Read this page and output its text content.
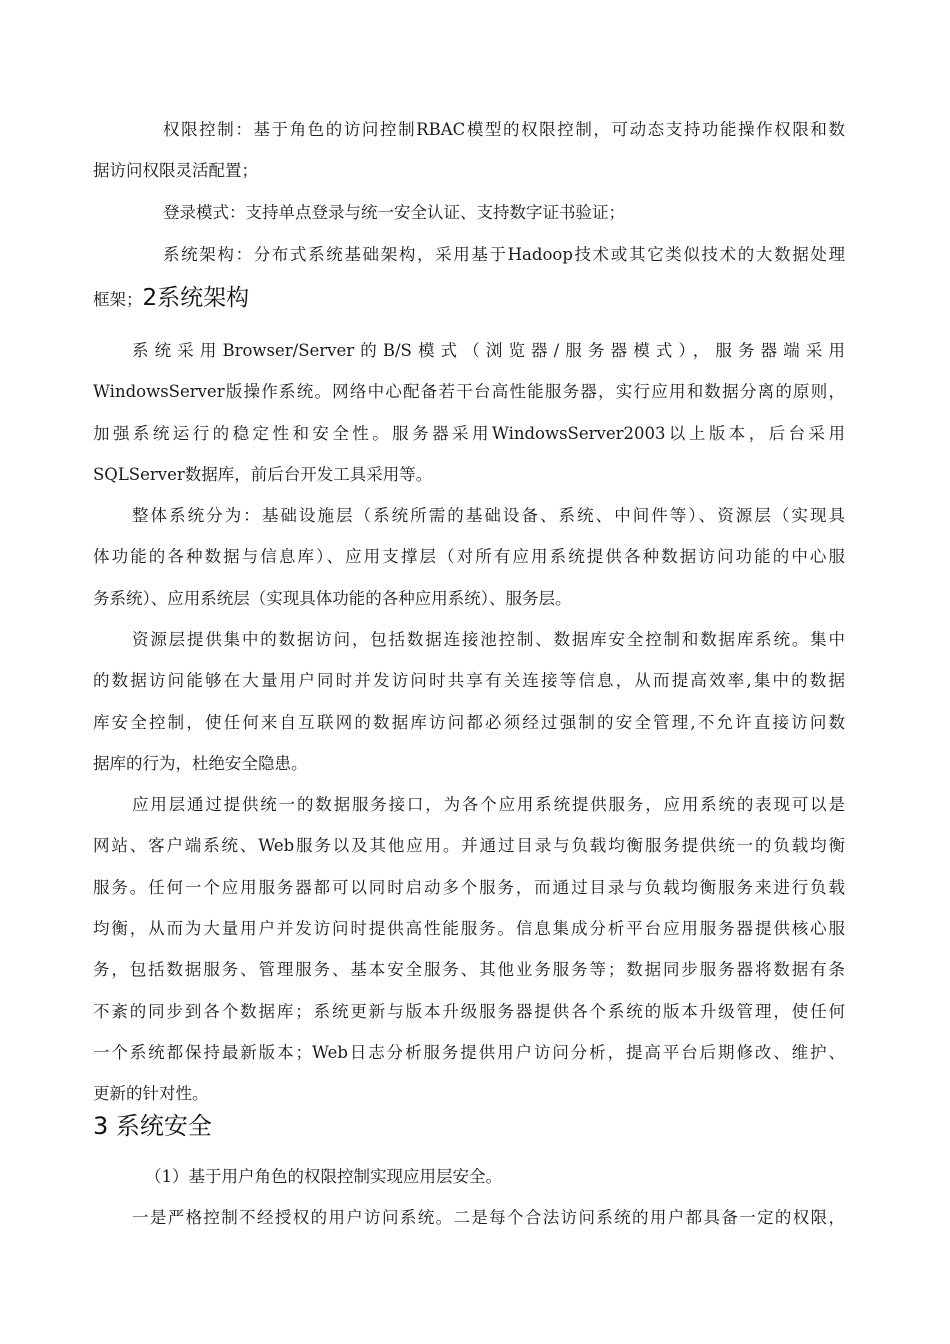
权限控制：基于角色的访问控制RBAC模型的权限控制，可动态支持功能操作权限和数
据访问权限灵活配置；
登录模式：支持单点登录与统一安全认证、支持数字证书验证；
系统架构：分布式系统基础架构，采用基于Hadoop技术或其它类似技术的大数据处理
框架；2系统架构
系统采用Browser/Server的B/S模式（浏览器/服务器模式），服务器端采用
WindowsServer版操作系统。网络中心配备若干台高性能服务器，实行应用和数据分离的原则，
加强系统运行的稳定性和安全性。服务器采用WindowsServer2003以上版本，后台采用
SQLServer数据库，前后台开发工具采用等。
整体系统分为：基础设施层（系统所需的基础设备、系统、中间件等）、资源层（实现具
体功能的各种数据与信息库）、应用支撑层（对所有应用系统提供各种数据访问功能的中心服
务系统）、应用系统层（实现具体功能的各种应用系统）、服务层。
资源层提供集中的数据访问，包括数据连接池控制、数据库安全控制和数据库系统。集中
的数据访问能够在大量用户同时并发访问时共享有关连接等信息，从而提高效率,集中的数据
库安全控制，使任何来自互联网的数据库访问都必须经过强制的安全管理,不允许直接访问数
据库的行为，杜绝安全隐患。
应用层通过提供统一的数据服务接口，为各个应用系统提供服务，应用系统的表现可以是
网站、客户端系统、Web服务以及其他应用。并通过目录与负载均衡服务提供统一的负载均衡
服务。任何一个应用服务器都可以同时启动多个服务，而通过目录与负载均衡服务来进行负载
均衡，从而为大量用户并发访问时提供高性能服务。信息集成分析平台应用服务器提供核心服
务，包括数据服务、管理服务、基本安全服务、其他业务服务等；数据同步服务器将数据有条
不紊的同步到各个数据库；系统更新与版本升级服务器提供各个系统的版本升级管理，使任何
一个系统都保持最新版本；Web日志分析服务提供用户访问分析，提高平台后期修改、维护、
更新的针对性。
3 系统安全
（1）基于用户角色的权限控制实现应用层安全。
一是严格控制不经授权的用户访问系统。二是每个合法访问系统的用户都具备一定的权限，
